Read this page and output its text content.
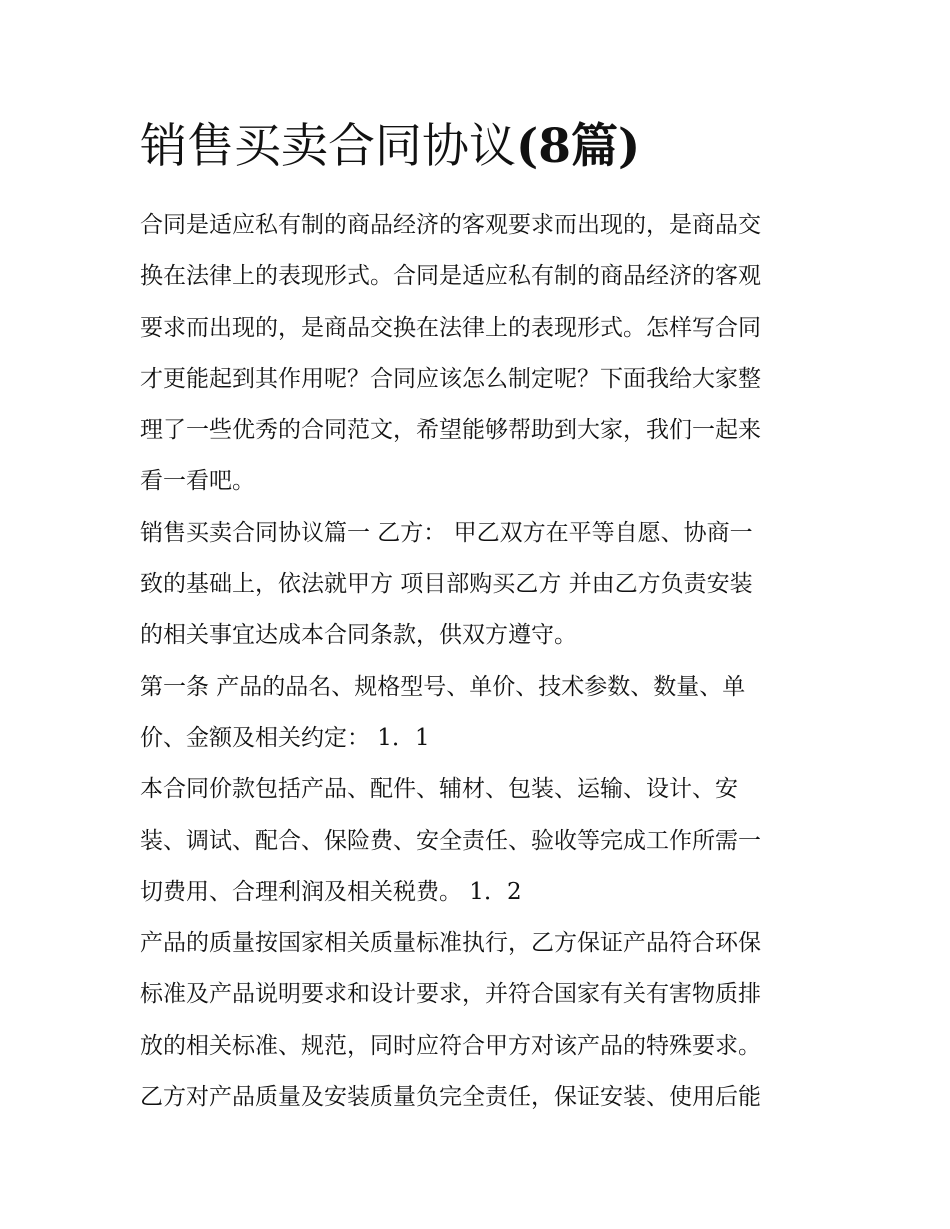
销售买卖合同协议(8篇)

合同是适应私有制的商品经济的客观要求而出现的，是商品交
换在法律上的表现形式。合同是适应私有制的商品经济的客观
要求而出现的，是商品交换在法律上的表现形式。怎样写合同
才更能起到其作用呢？合同应该怎么制定呢？下面我给大家整
理了一些优秀的合同范文，希望能够帮助到大家，我们一起来
看一看吧。

销售买卖合同协议篇一 乙方： 甲乙双方在平等自愿、协商一
致的基础上，依法就甲方 项目部购买乙方 并由乙方负责安装
的相关事宜达成本合同条款，供双方遵守。

第一条 产品的品名、规格型号、单价、技术参数、数量、单
价、金额及相关约定： 1．1

本合同价款包括产品、配件、辅材、包装、运输、设计、安
装、调试、配合、保险费、安全责任、验收等完成工作所需一
切费用、合理利润及相关税费。 1．2

产品的质量按国家相关质量标准执行，乙方保证产品符合环保
标准及产品说明要求和设计要求，并符合国家有关有害物质排
放的相关标准、规范，同时应符合甲方对该产品的特殊要求。
乙方对产品质量及安装质量负完全责任，保证安装、使用后能
